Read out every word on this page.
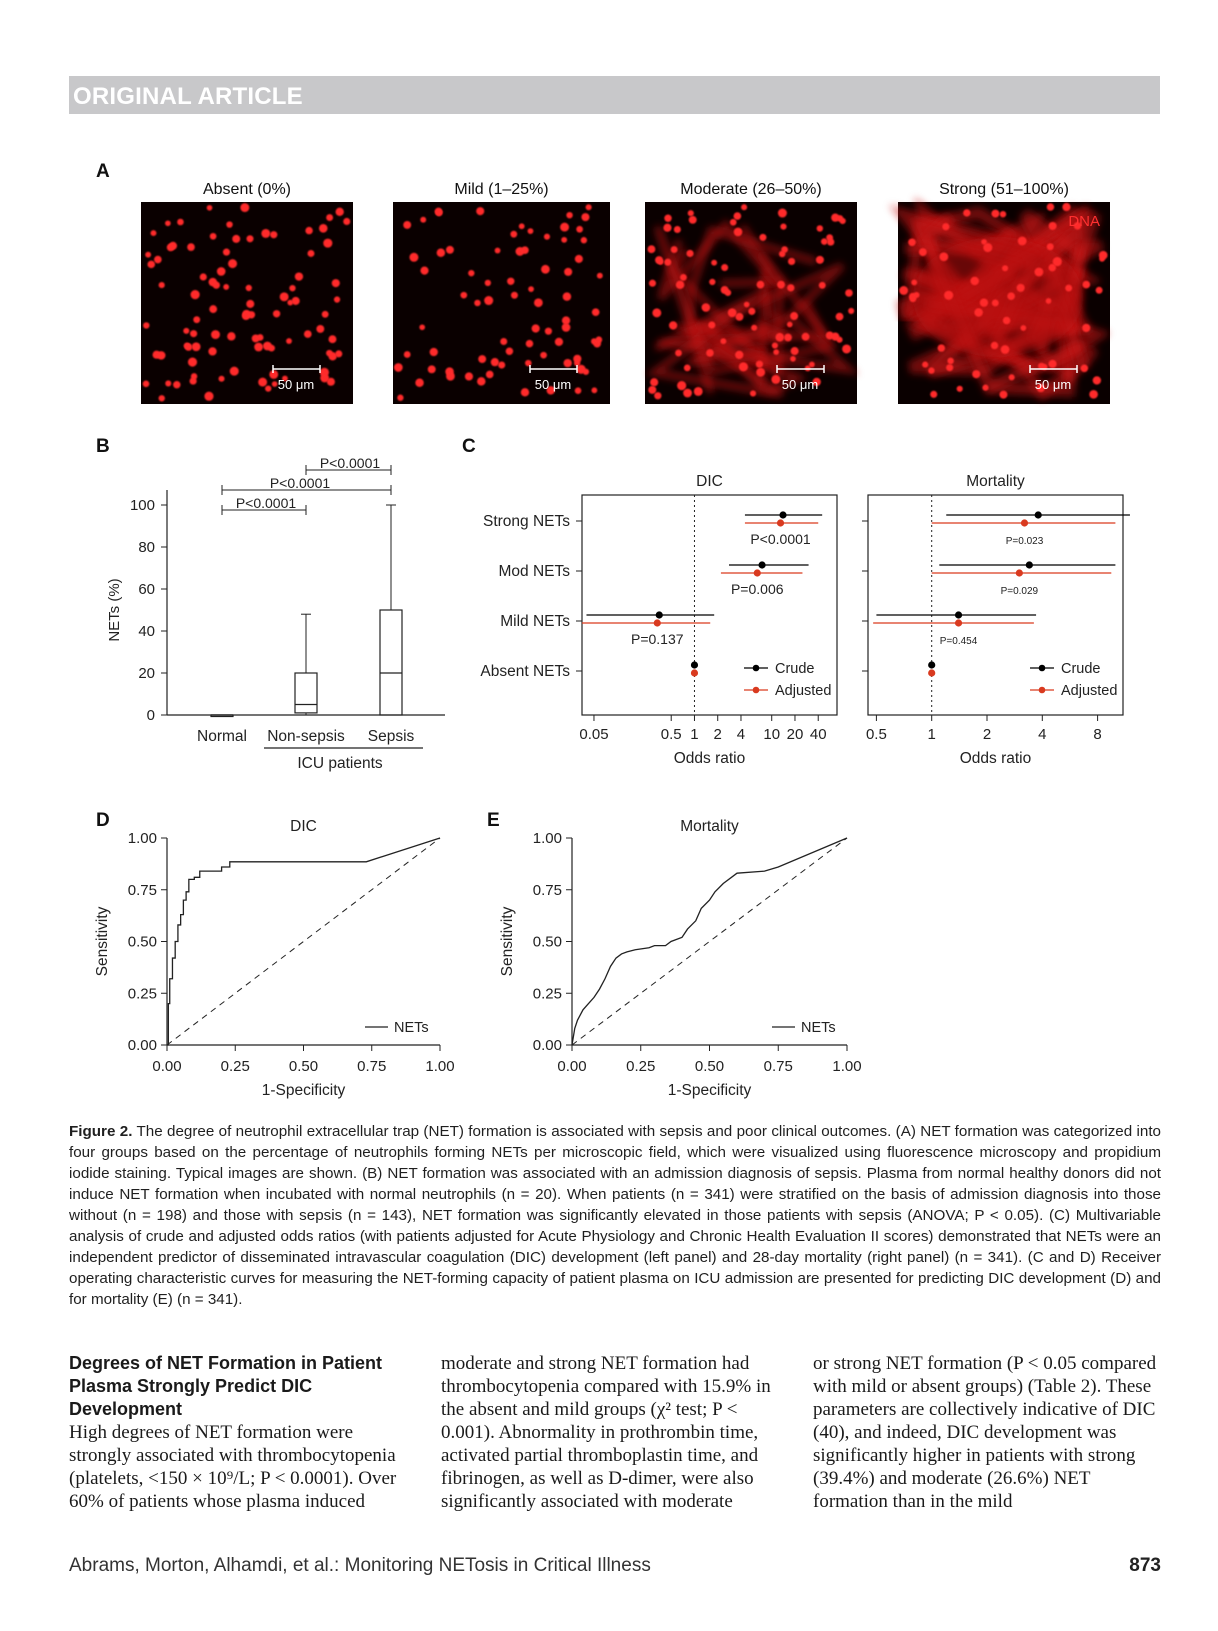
ORIGINAL ARTICLE
A
Absent (0%)
50 μm
Mild (1–25%)
50 μm
Moderate (26–50%)
50 μm
Strong (51–100%)
50 μm
DNA
B
0
20
40
60
80
100
NETs (%)
Normal Non-sepsis Sepsis
ICU patients
P<0.0001
P<0.0001
P<0.0001
C
DIC
0.05	0.5 1 2 4 10 20 40
Odds ratio
Strong NETs
Mod NETs
Mild NETs
Absent NETs
P<0.0001
P=0.006
P=0.137
Crude
Adjusted
Mortality
0.5	1	2	4	8
Odds ratio
P=0.023
P=0.029
P=0.454
Crude
Adjusted
D	DIC
0.00
0.25
0.50
0.75
1.00
0.00	0.25	0.50	0.75	1.00
1-Specificity
Sensitivity
NETs
E	Mortality
0.00
0.25
0.50
0.75
1.00
0.00	0.25	0.50	0.75	1.00
1-Specificity
Sensitivity
NETs
Figure 2. The degree of neutrophil extracellular trap (NET) formation is associated with sepsis and poor clinical outcomes. (A) NET formation was categorized into four groups based on the percentage of neutrophils forming NETs per microscopic field, which were visualized using fluorescence microscopy and propidium iodide staining. Typical images are shown. (B) NET formation was associated with an admission diagnosis of sepsis. Plasma from normal healthy donors did not induce NET formation when incubated with normal neutrophils (n = 20). When patients (n = 341) were stratified on the basis of admission diagnosis into those without (n = 198) and those with sepsis (n = 143), NET formation was significantly elevated in those patients with sepsis (ANOVA; P < 0.05). (C) Multivariable analysis of crude and adjusted odds ratios (with patients adjusted for Acute Physiology and Chronic Health Evaluation II scores) demonstrated that NETs were an independent predictor of disseminated intravascular coagulation (DIC) development (left panel) and 28-day mortality (right panel) (n = 341). (C and D) Receiver operating characteristic curves for measuring the NET-forming capacity of patient plasma on ICU admission are presented for predicting DIC development (D) and for mortality (E) (n = 341).
Degrees of NET Formation in Patient Plasma Strongly Predict DIC Development
High degrees of NET formation were strongly associated with thrombocytopenia (platelets, <150 × 10⁹/L; P < 0.0001). Over 60% of patients whose plasma induced
moderate and strong NET formation had thrombocytopenia compared with 15.9% in the absent and mild groups (χ² test; P < 0.001). Abnormality in prothrombin time, activated partial thromboplastin time, and fibrinogen, as well as D-dimer, were also significantly associated with moderate
or strong NET formation (P < 0.05 compared with mild or absent groups) (Table 2). These parameters are collectively indicative of DIC (40), and indeed, DIC development was significantly higher in patients with strong (39.4%) and moderate (26.6%) NET formation than in the mild
Abrams, Morton, Alhamdi, et al.: Monitoring NETosis in Critical Illness	873
